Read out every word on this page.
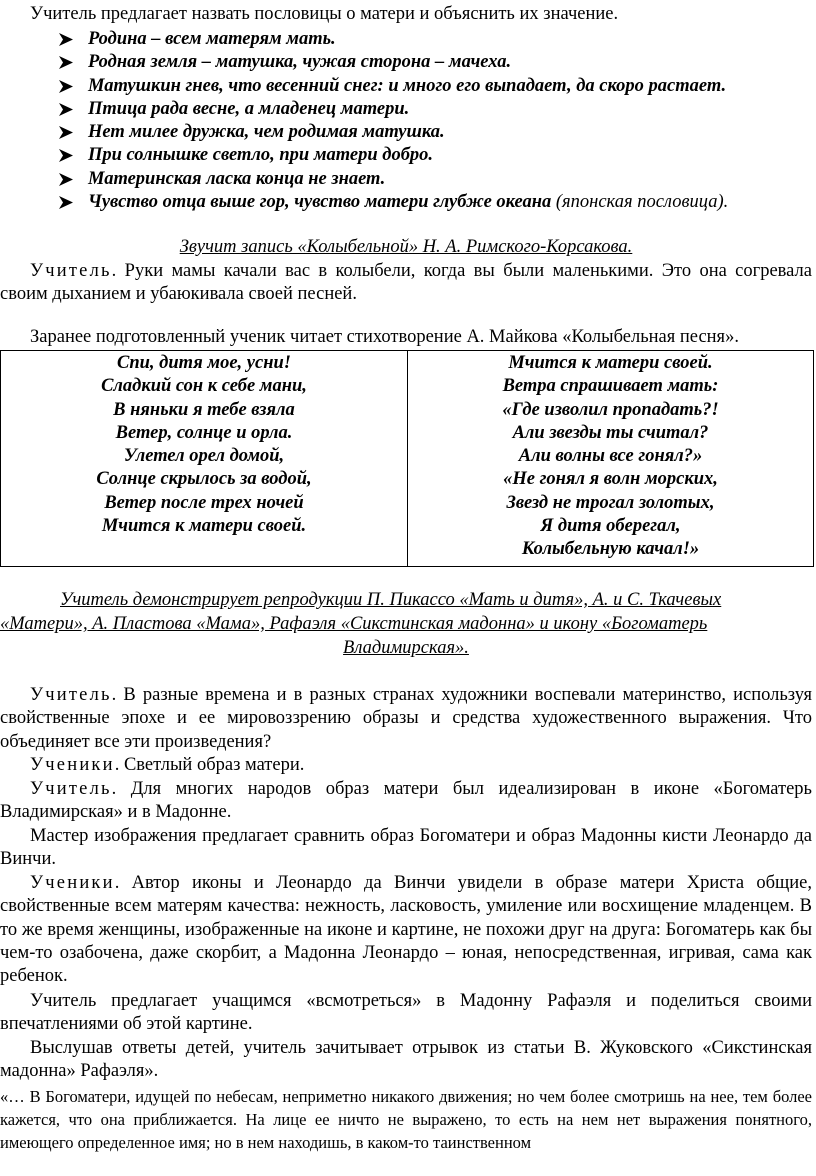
Учитель предлагает назвать пословицы о матери и объяснить их значение.

Родина – всем матерям мать.
Родная земля – матушка, чужая сторона – мачеха.
Матушкин гнев, что весенний снег: и много его выпадает, да скоро растает.
Птица рада весне, а младенец матери.
Нет милее дружка, чем родимая матушка.
При солнышке светло, при матери добро.
Материнская ласка конца не знает.
Чувство отца выше гор, чувство матери глубже океана (японская пословица).

Звучит запись «Колыбельной» Н. А. Римского-Корсакова.

Учитель. Руки мамы качали вас в колыбели, когда вы были маленькими. Это она согревала своим дыханием и убаюкивала своей песней.

Заранее подготовленный ученик читает стихотворение А. Майкова «Колыбельная песня».

Спи, дитя мое, усни!
Сладкий сон к себе мани,
В няньки я тебе взяла
Ветер, солнце и орла.
Улетел орел домой,
Солнце скрылось за водой,
Ветер после трех ночей
Мчится к матери своей.
Мчится к матери своей.
Ветра спрашивает мать:
«Где изволил пропадать?!
Али звезды ты считал?
Али волны все гонял?»
«Не гонял я волн морских,
Звезд не трогал золотых,
Я дитя оберегал,
Колыбельную качал!»

Учитель демонстрирует репродукции П. Пикассо «Мать и дитя», А. и С. Ткачевых

«Матери», А. Пластова «Мама», Рафаэля «Сикстинская мадонна» и икону «Богоматерь

Владимирская».

Учитель. В разные времена и в разных странах художники воспевали материнство, используя свойственные эпохе и ее мировоззрению образы и средства художественного выражения. Что объединяет все эти произведения?

Ученики. Светлый образ матери.

Учитель. Для многих народов образ матери был идеализирован в иконе «Богоматерь Владимирская» и в Мадонне.

Мастер изображения предлагает сравнить образ Богоматери и образ Мадонны кисти Леонардо да Винчи.

Ученики. Автор иконы и Леонардо да Винчи увидели в образе матери Христа общие, свойственные всем матерям качества: нежность, ласковость, умиление или восхищение младенцем. В то же время женщины, изображенные на иконе и картине, не похожи друг на друга: Богоматерь как бы чем-то озабочена, даже скорбит, а Мадонна Леонардо – юная, непосредственная, игривая, сама как ребенок.

Учитель предлагает учащимся «всмотреться» в Мадонну Рафаэля и поделиться своими впечатлениями об этой картине.

Выслушав ответы детей, учитель зачитывает отрывок из статьи В. Жуковского «Сикстинская мадонна» Рафаэля».

«… В Богоматери, идущей по небесам, неприметно никакого движения; но чем более смотришь на нее, тем более кажется, что она приближается. На лице ее ничто не выражено, то есть на нем нет выражения понятного, имеющего определенное имя; но в нем находишь, в каком-то таинственном
